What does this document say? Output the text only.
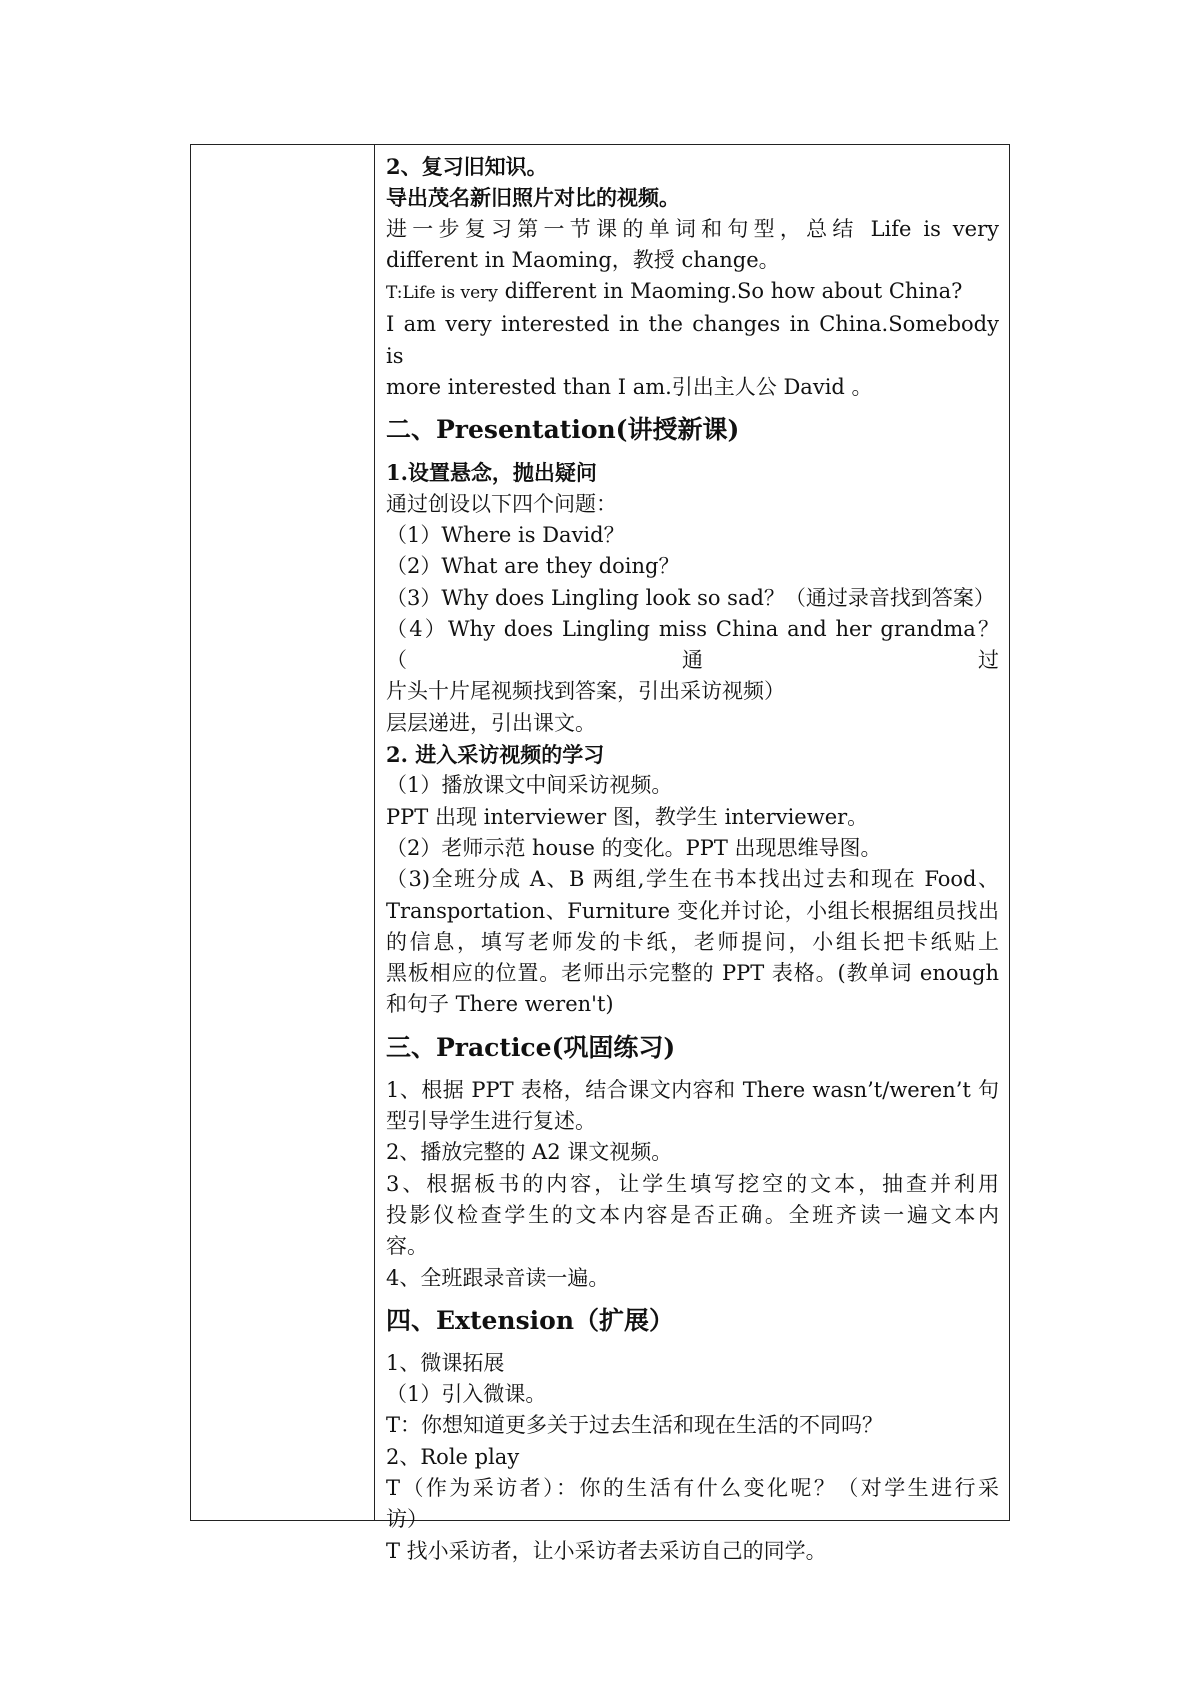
2、复习旧知识。

导出茂名新旧照片对比的视频。

进一步复习第一节课的单词和句型，总结 Life is very

different in Maoming，教授 change。

T:Life is very different in Maoming.So how about China?

I am very interested in the changes in China.Somebody is

more interested than I am.引出主人公 David 。

二、Presentation(讲授新课)

1.设置悬念，抛出疑问

通过创设以下四个问题：

（1）Where is David？

（2）What are they doing？

（3）Why does Lingling look so sad？（通过录音找到答案）

（4）Why does Lingling miss China and her grandma？（通过

片头十片尾视频找到答案，引出采访视频）

层层递进，引出课文。

2. 进入采访视频的学习

（1）播放课文中间采访视频。

PPT 出现 interviewer 图，教学生 interviewer。

（2）老师示范 house 的变化。PPT 出现思维导图。

（3)全班分成 A、B 两组,学生在书本找出过去和现在 Food、

Transportation、Furniture 变化并讨论，小组长根据组员找出

的信息，填写老师发的卡纸，老师提问，小组长把卡纸贴上

黑板相应的位置。老师出示完整的 PPT 表格。(教单词 enough

和句子 There weren't)

三、Practice(巩固练习)

1、根据 PPT 表格，结合课文内容和 There wasn’t/weren’t 句

型引导学生进行复述。

2、播放完整的 A2 课文视频。

3、根据板书的内容，让学生填写挖空的文本，抽查并利用

投影仪检查学生的文本内容是否正确。全班齐读一遍文本内

容。

4、全班跟录音读一遍。

四、Extension（扩展）

1、微课拓展

（1）引入微课。

T：你想知道更多关于过去生活和现在生活的不同吗？

2、Role play

T（作为采访者）：你的生活有什么变化呢？（对学生进行采

访）

T 找小采访者，让小采访者去采访自己的同学。
